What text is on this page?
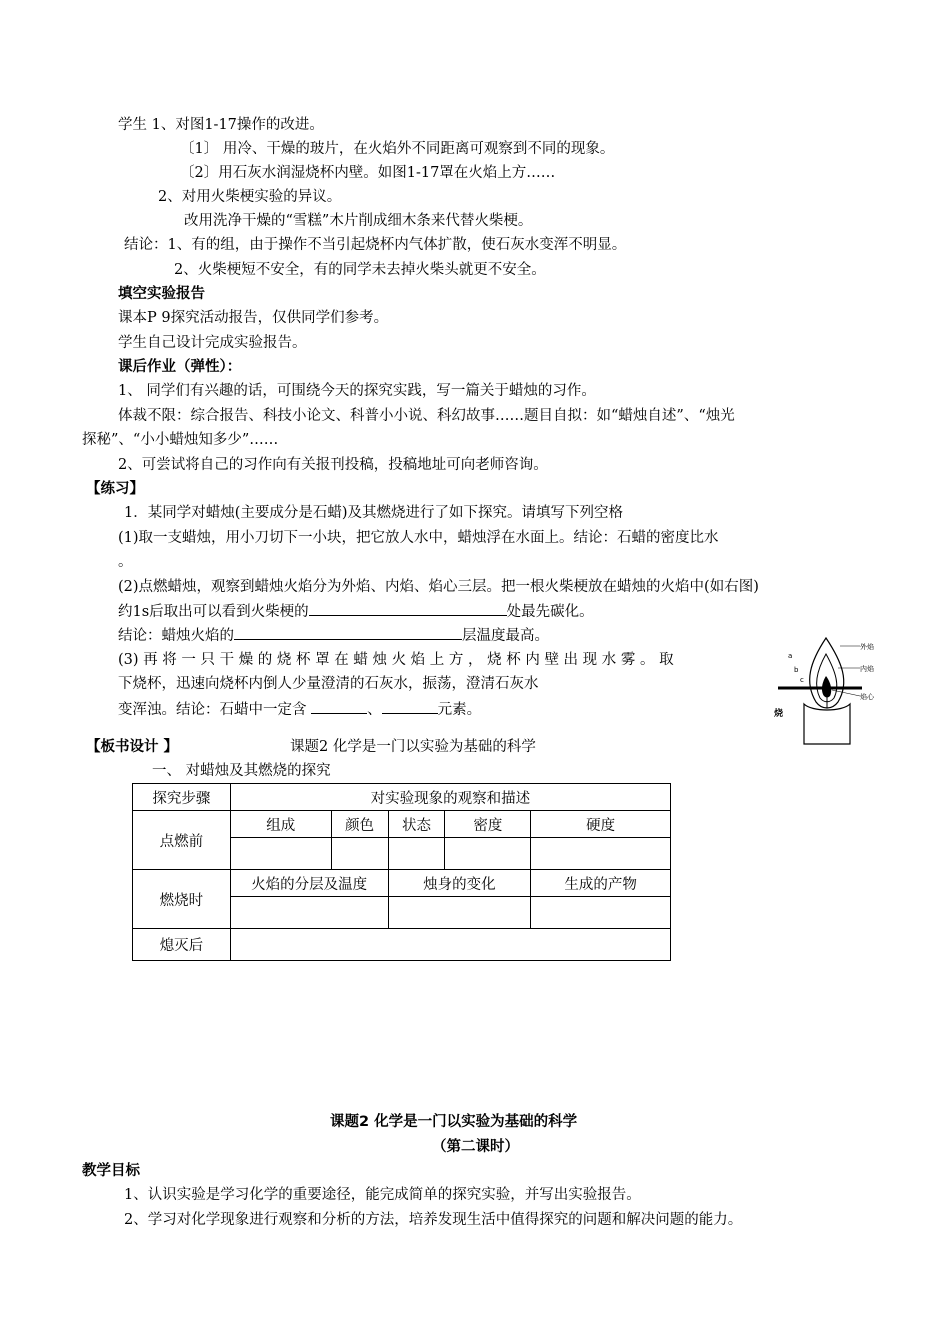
学生 1、对图1-17操作的改进。
〔1〕 用冷、干燥的玻片，在火焰外不同距离可观察到不同的现象。
〔2〕用石灰水润湿烧杯内壁。如图1-17罩在火焰上方……
2、对用火柴梗实验的异议。
改用洗净干燥的“雪糕”木片削成细木条来代替火柴梗。
结论：1、有的组，由于操作不当引起烧杯内气体扩散，使石灰水变浑不明显。
2、火柴梗短不安全，有的同学未去掉火柴头就更不安全。
填空实验报告
课本P 9探究活动报告，仅供同学们参考。
学生自己设计完成实验报告。
课后作业（弹性）：
1、 同学们有兴趣的话，可围绕今天的探究实践，写一篇关于蜡烛的习作。
体裁不限：综合报告、科技小论文、科普小小说、科幻故事……题目自拟：如“蜡烛自述”、“烛光
探秘”、“小小蜡烛知多少”……
2、可尝试将自己的习作向有关报刊投稿，投稿地址可向老师咨询。
【练习】
1．某同学对蜡烛(主要成分是石蜡)及其燃烧进行了如下探究。请填写下列空格
(1)取一支蜡烛，用小刀切下一小块，把它放人水中，蜡烛浮在水面上。结论：石蜡的密度比水
。
(2)点燃蜡烛，观察到蜡烛火焰分为外焰、内焰、焰心三层。把一根火柴梗放在蜡烛的火焰中(如右图)
约1s后取出可以看到火柴梗的	处最先碳化。
结论：蜡烛火焰的	层温度最高。
(3) 再 将 一 只 干 燥 的 烧 杯 罩 在 蜡 烛 火 焰 上 方 ， 烧 杯 内 壁 出 现 水 雾 。 取
下烧杯，迅速向烧杯内倒人少量澄清的石灰水，振荡，澄清石灰水
变浑浊。结论：石蜡中一定含	、	元素。
外焰
内焰
焰心
a
b
c
烧
【板书设计 】	课题2 化学是一门以实验为基础的科学
一、 对蜡烛及其燃烧的探究
探究步骤	对实验现象的观察和描述				
点燃前	组成	颜色	状态	密度	硬度

燃烧时	火焰的分层及温度		烛身的变化		生成的产物

熄灭后					
课题2 化学是一门以实验为基础的科学
（第二课时）
教学目标
1、认识实验是学习化学的重要途径，能完成简单的探究实验，并写出实验报告。
2、学习对化学现象进行观察和分析的方法，培养发现生活中值得探究的问题和解决问题的能力。
